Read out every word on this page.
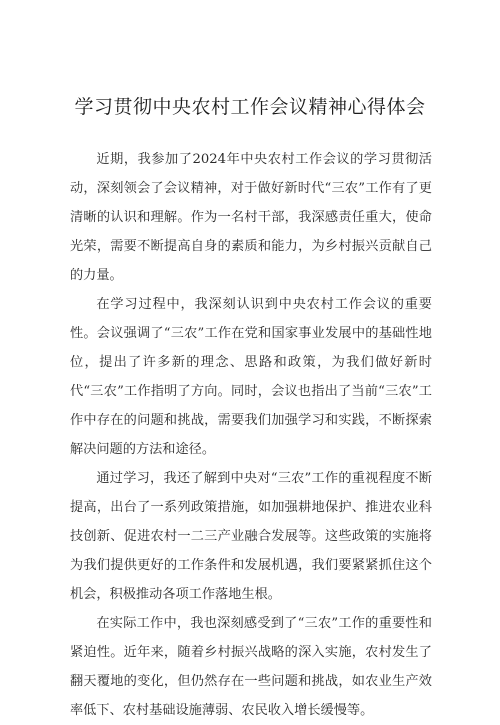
学习贯彻中央农村工作会议精神心得体会

近期，我参加了2024年中央农村工作会议的学习贯彻活动，深刻领会了会议精神，对于做好新时代“三农”工作有了更清晰的认识和理解。作为一名村干部，我深感责任重大，使命光荣，需要不断提高自身的素质和能力，为乡村振兴贡献自己的力量。

在学习过程中，我深刻认识到中央农村工作会议的重要性。会议强调了“三农”工作在党和国家事业发展中的基础性地位，提出了许多新的理念、思路和政策，为我们做好新时代“三农”工作指明了方向。同时，会议也指出了当前“三农”工作中存在的问题和挑战，需要我们加强学习和实践，不断探索解决问题的方法和途径。

通过学习，我还了解到中央对“三农”工作的重视程度不断提高，出台了一系列政策措施，如加强耕地保护、推进农业科技创新、促进农村一二三产业融合发展等。这些政策的实施将为我们提供更好的工作条件和发展机遇，我们要紧紧抓住这个机会，积极推动各项工作落地生根。

在实际工作中，我也深刻感受到了“三农”工作的重要性和紧迫性。近年来，随着乡村振兴战略的深入实施，农村发生了翻天覆地的变化，但仍然存在一些问题和挑战，如农业生产效率低下、农村基础设施薄弱、农民收入增长缓慢等。
